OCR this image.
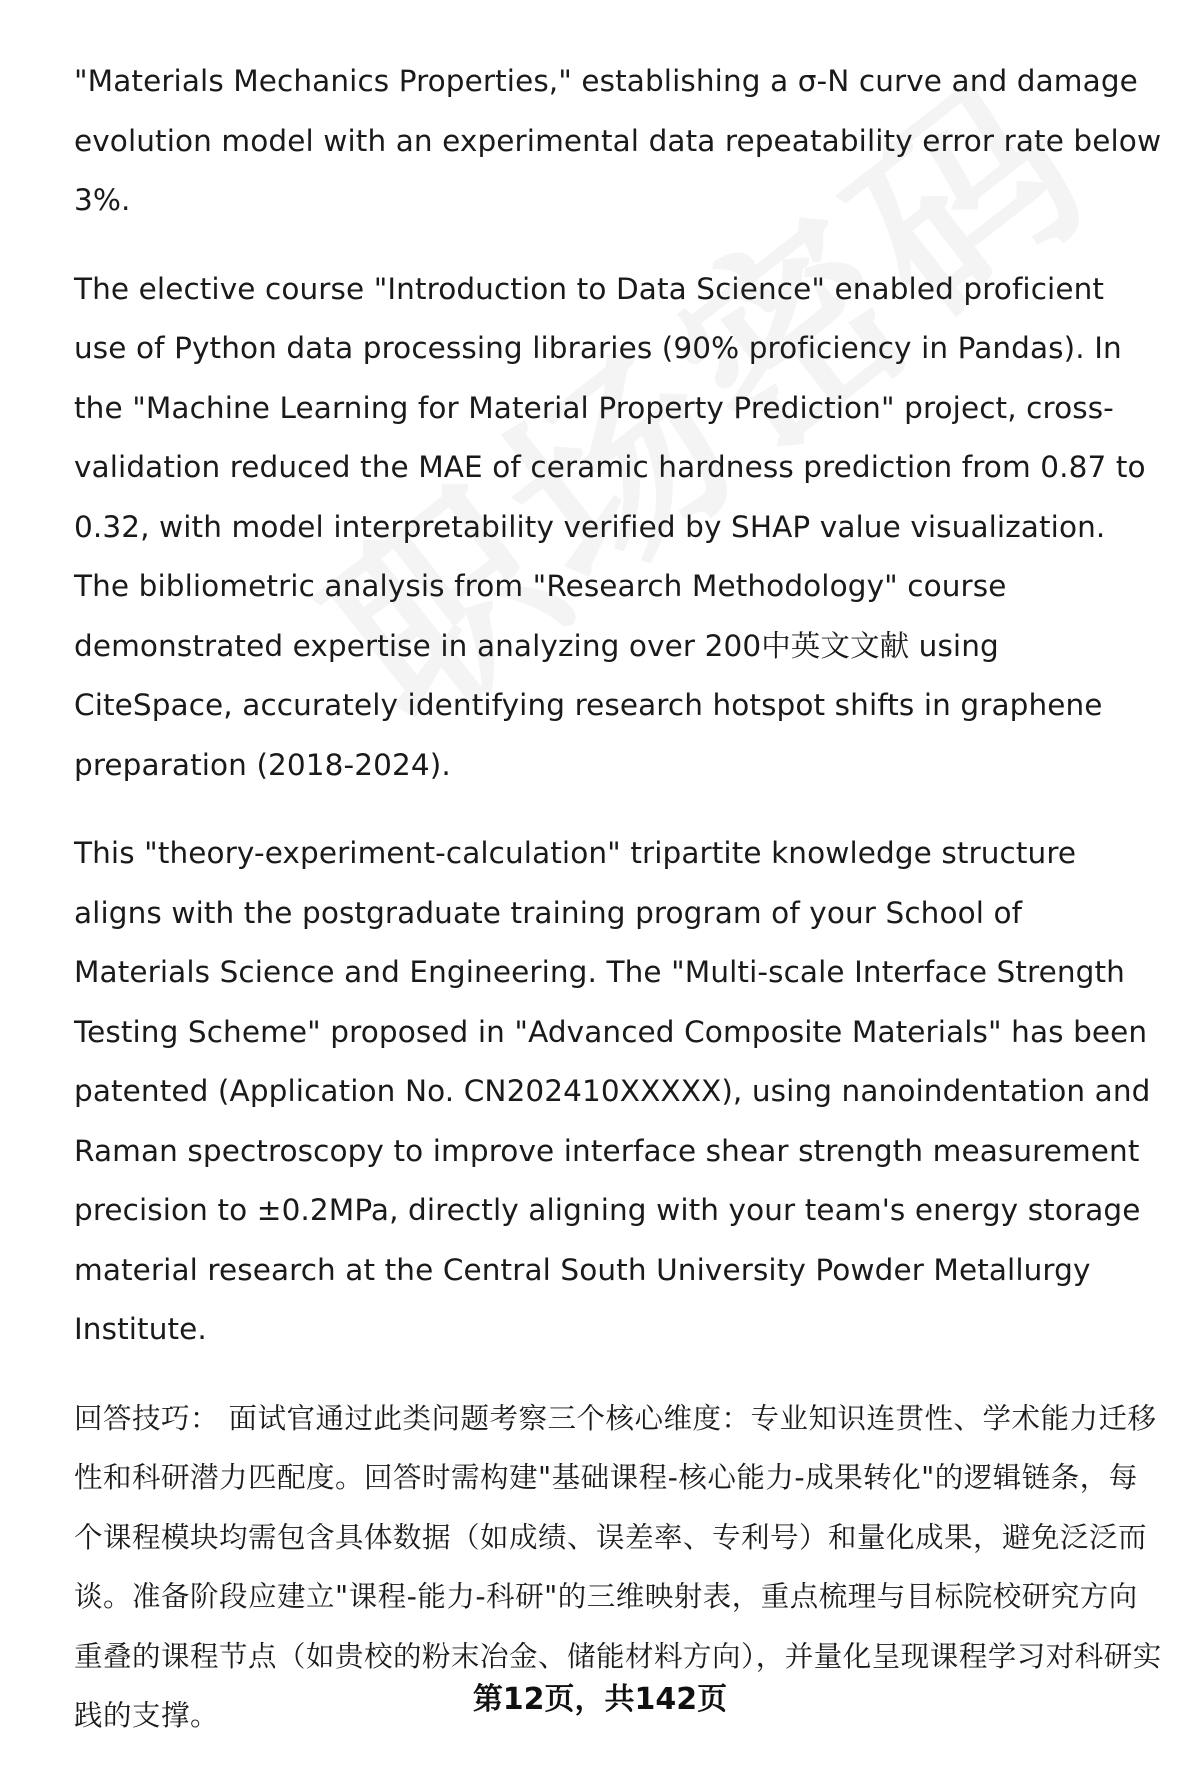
"Materials Mechanics Properties," establishing a σ-N curve and damage evolution model with an experimental data repeatability error rate below 3%.

The elective course "Introduction to Data Science" enabled proficient use of Python data processing libraries (90% proficiency in Pandas). In the "Machine Learning for Material Property Prediction" project, cross-validation reduced the MAE of ceramic hardness prediction from 0.87 to 0.32, with model interpretability verified by SHAP value visualization. The bibliometric analysis from "Research Methodology" course demonstrated expertise in analyzing over 200中英文文献 using CiteSpace, accurately identifying research hotspot shifts in graphene preparation (2018-2024).

This "theory-experiment-calculation" tripartite knowledge structure aligns with the postgraduate training program of your School of Materials Science and Engineering. The "Multi-scale Interface Strength Testing Scheme" proposed in "Advanced Composite Materials" has been patented (Application No. CN202410XXXXX), using nanoindentation and Raman spectroscopy to improve interface shear strength measurement precision to ±0.2MPa, directly aligning with your team's energy storage material research at the Central South University Powder Metallurgy Institute.

回答技巧： 面试官通过此类问题考察三个核心维度：专业知识连贯性、学术能力迁移性和科研潜力匹配度。回答时需构建"基础课程-核心能力-成果转化"的逻辑链条，每个课程模块均需包含具体数据（如成绩、误差率、专利号）和量化成果，避免泛泛而谈。准备阶段应建立"课程-能力-科研"的三维映射表，重点梳理与目标院校研究方向重叠的课程节点（如贵校的粉末冶金、储能材料方向），并量化呈现课程学习对科研实践的支撑。	第12页，共142页
